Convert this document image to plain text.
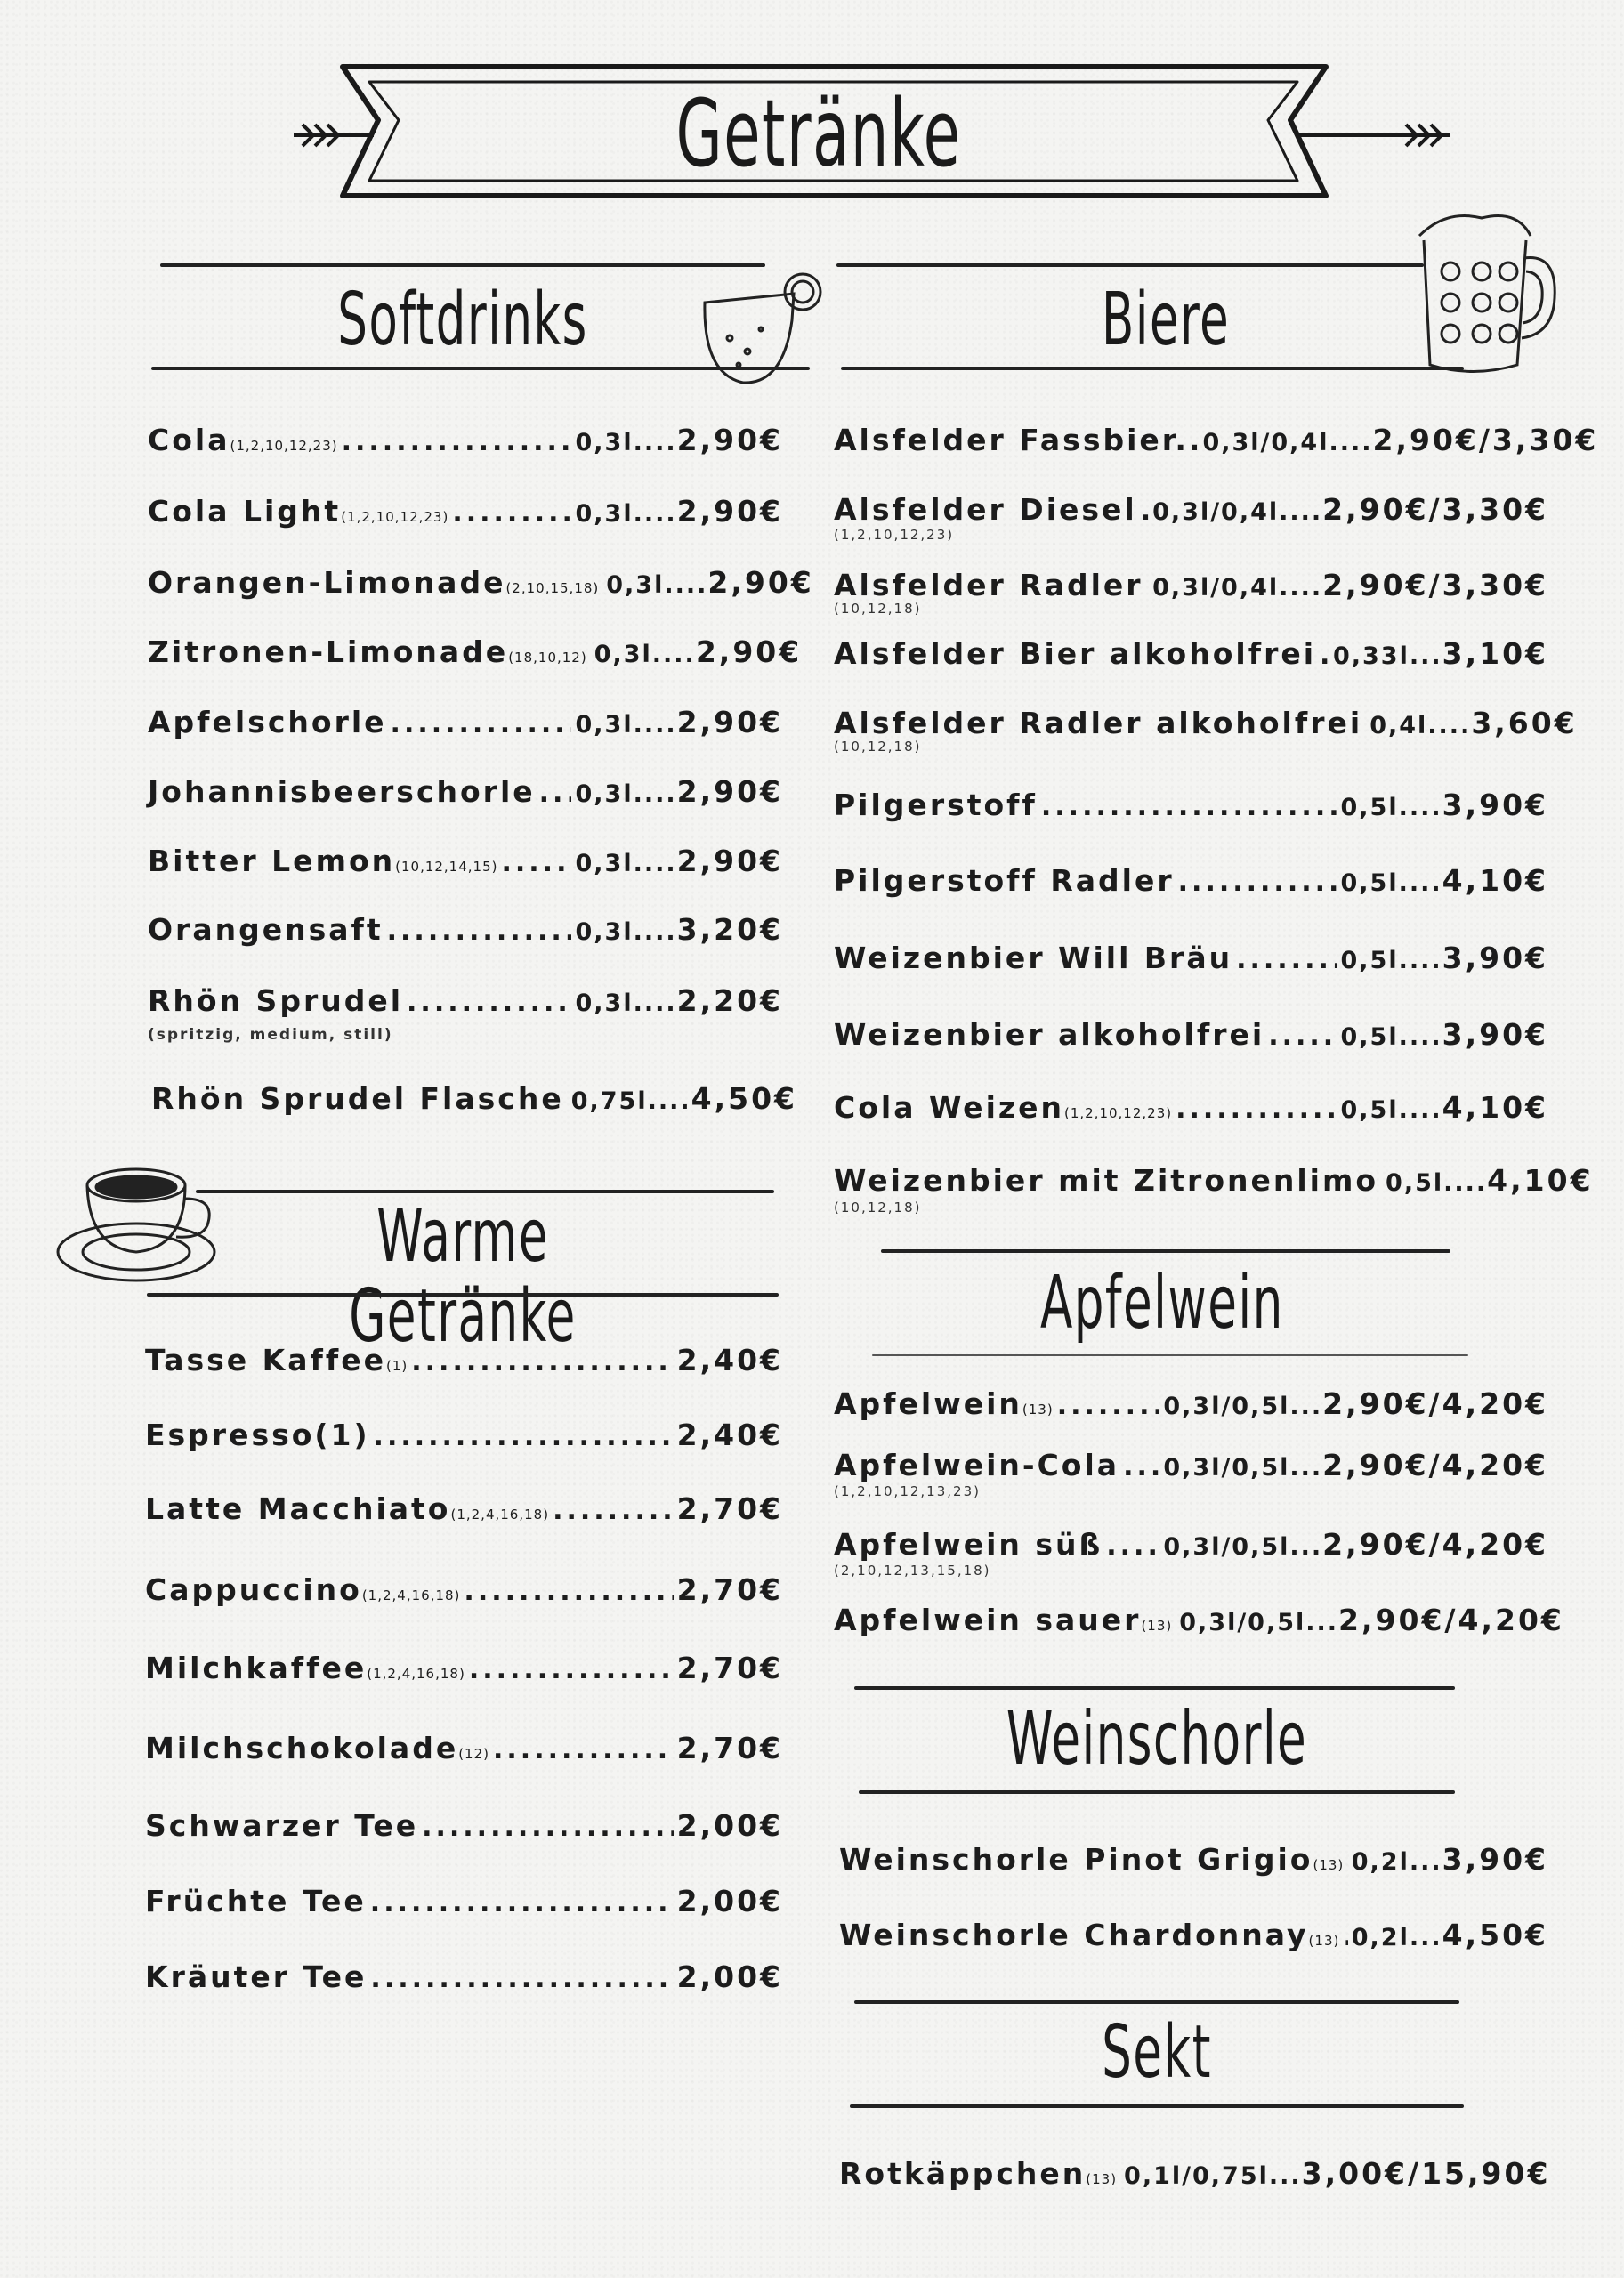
Getränke
Softdrinks
Cola (1,2,10,12,23) .....	0,3l.... 2,90€
Cola Light (1,2,10,12,23) .....	0,3l.... 2,90€
Orangen-Limonade (2,10,15,18) 0,3l.... 2,90€
Zitronen-Limonade (18,10,12) 0,3l.... 2,90€
Apfelschorle .....	0,3l.... 2,90€
Johannisbeerschorle ..... 0,3l.... 2,90€
Bitter Lemon (10,12,14,15) .....	0,3l.... 2,90€
Orangensaft .....	0,3l.... 3,20€
Rhön Sprudel .....	0,3l.... 2,20€
(spritzig, medium, still)
Rhön Sprudel Flasche 0,75l.... 4,50€
Warme Getränke
Tasse Kaffee (1) .....	2,40€
Espresso(1) .....	2,40€
Latte Macchiato (1,2,4,16,18) .....	2,70€
Cappuccino (1,2,4,16,18) .....	2,70€
Milchkaffee (1,2,4,16,18) .....	2,70€
Milchschokolade (12) .....	2,70€
Schwarzer Tee .....	2,00€
Früchte Tee .....	2,00€
Kräuter Tee .....	2,00€
Biere
Alsfelder Fassbier.. 0,3l/0,4l.... 2,90€/3,30€
Alsfelder Diesel ..... 0,3l/0,4l.... 2,90€/3,30€
(1,2,10,12,23)
Alsfelder Radler ..... 0,3l/0,4l.... 2,90€/3,30€
(10,12,18)
Alsfelder Bier alkoholfrei ..... 0,33l... 3,10€
Alsfelder Radler alkoholfrei 0,4l.... 3,60€
(10,12,18)
Pilgerstoff .....	0,5l.... 3,90€
Pilgerstoff Radler .....	0,5l.... 4,10€
Weizenbier Will Bräu .....	0,5l.... 3,90€
Weizenbier alkoholfrei .....	0,5l.... 3,90€
Cola Weizen (1,2,10,12,23) .....	0,5l.... 4,10€
Weizenbier mit Zitronenlimo 0,5l.... 4,10€
(10,12,18)
Apfelwein
Apfelwein (13) .....	0,3l/0,5l... 2,90€/4,20€
Apfelwein-Cola ..... 0,3l/0,5l... 2,90€/4,20€
(1,2,10,12,13,23)
Apfelwein süß .....	0,3l/0,5l... 2,90€/4,20€
(2,10,12,13,15,18)
Apfelwein sauer (13) 0,3l/0,5l... 2,90€/4,20€
Weinschorle
Weinschorle Pinot Grigio (13) ..... 0,2l... 3,90€
Weinschorle Chardonnay (13) ..... 0,2l... 4,50€
Sekt
Rotkäppchen (13) 0,1l/0,75l... 3,00€/15,90€
